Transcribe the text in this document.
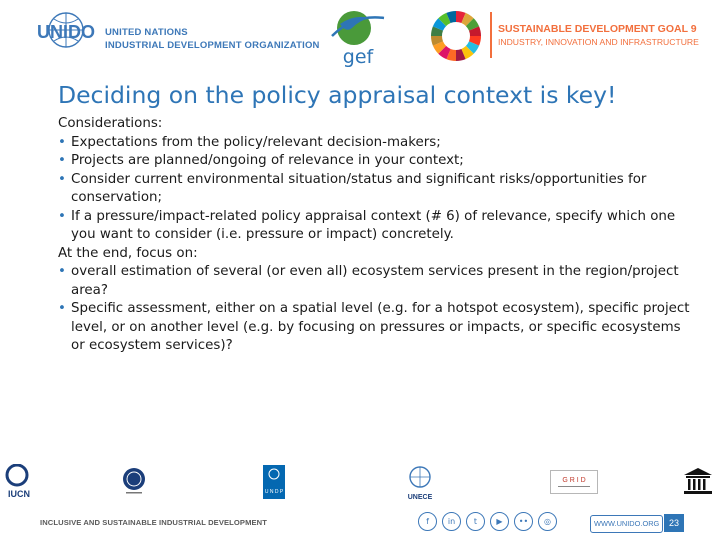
UNIDO UNITED NATIONS
INDUSTRIAL DEVELOPMENT ORGANIZATION
gef
SUSTAINABLE DEVELOPMENT GOAL 9
INDUSTRY, INNOVATION AND INFRASTRUCTURE
Deciding on the policy appraisal context is key!

Considerations:

• Expectations from the policy/relevant decision-makers;
• Projects are planned/ongoing of relevance in your context;
• Consider current environmental situation/status and significant risks/opportunities for conservation;
• If a pressure/impact-related policy appraisal context (# 6) of relevance, specify which one you want to consider (i.e. pressure or impact) concretely.

At the end, focus on:

• overall estimation of several (or even all) ecosystem services present in the region/project area?
• Specific assessment, either on a spatial level (e.g. for a hotspot ecosystem), specific project level, or on another level (e.g. by focusing on pressures or impacts, or specific ecosystems or ecosystem services)?
IUCN	U N D P
UNECE
G R I D
INCLUSIVE AND SUSTAINABLE INDUSTRIAL DEVELOPMENT	f	in	t	▶	••	◎	WWW.UNIDO.ORG	23
